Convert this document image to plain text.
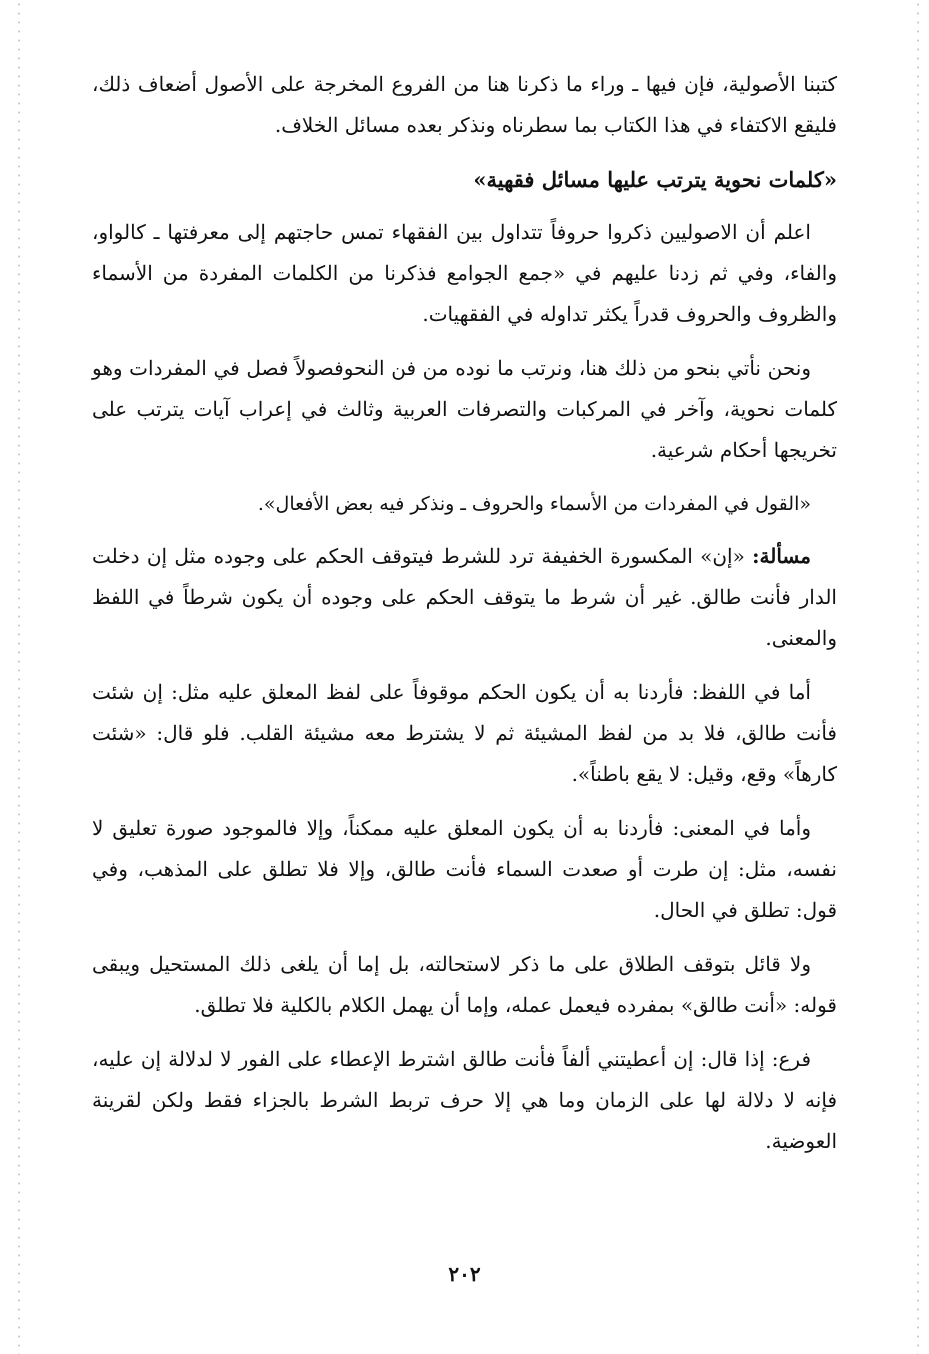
كتبنا الأصولية، فإن فيها ـ وراء ما ذكرنا هنا من الفروع المخرجة على الأصول أضعاف ذلك، فليقع الاكتفاء في هذا الكتاب بما سطرناه ونذكر بعده مسائل الخلاف.

«كلمات نحوية يترتب عليها مسائل فقهية»

اعلم أن الاصوليين ذكروا حروفاً تتداول بين الفقهاء تمس حاجتهم إلى معرفتها ـ كالواو، والفاء، وفي ثم زدنا عليهم في «جمع الجوامع فذكرنا من الكلمات المفردة من الأسماء والظروف والحروف قدراً يكثر تداوله في الفقهيات.

ونحن نأتي بنحو من ذلك هنا، ونرتب ما نوده من فن النحوفصولاً فصل في المفردات وهو كلمات نحوية، وآخر في المركبات والتصرفات العربية وثالث في إعراب آيات يترتب على تخريجها أحكام شرعية.

«القول في المفردات من الأسماء والحروف ـ ونذكر فيه بعض الأفعال».

مسألة: «إن» المكسورة الخفيفة ترد للشرط فيتوقف الحكم على وجوده مثل إن دخلت الدار فأنت طالق. غير أن شرط ما يتوقف الحكم على وجوده أن يكون شرطاً في اللفظ والمعنى.

أما في اللفظ: فأردنا به أن يكون الحكم موقوفاً على لفظ المعلق عليه مثل: إن شئت فأنت طالق، فلا بد من لفظ المشيئة ثم لا يشترط معه مشيئة القلب. فلو قال: «شئت كارهاً» وقع، وقيل: لا يقع باطناً».

وأما في المعنى: فأردنا به أن يكون المعلق عليه ممكناً، وإلا فالموجود صورة تعليق لا نفسه، مثل: إن طرت أو صعدت السماء فأنت طالق، وإلا فلا تطلق على المذهب، وفي قول: تطلق في الحال.

ولا قائل بتوقف الطلاق على ما ذكر لاستحالته، بل إما أن يلغى ذلك المستحيل ويبقى قوله: «أنت طالق» بمفرده فيعمل عمله، وإما أن يهمل الكلام بالكلية فلا تطلق.

فرع: إذا قال: إن أعطيتني ألفاً فأنت طالق اشترط الإعطاء على الفور لا لدلالة إن عليه، فإنه لا دلالة لها على الزمان وما هي إلا حرف تربط الشرط بالجزاء فقط ولكن لقرينة العوضية.

٢٠٢
